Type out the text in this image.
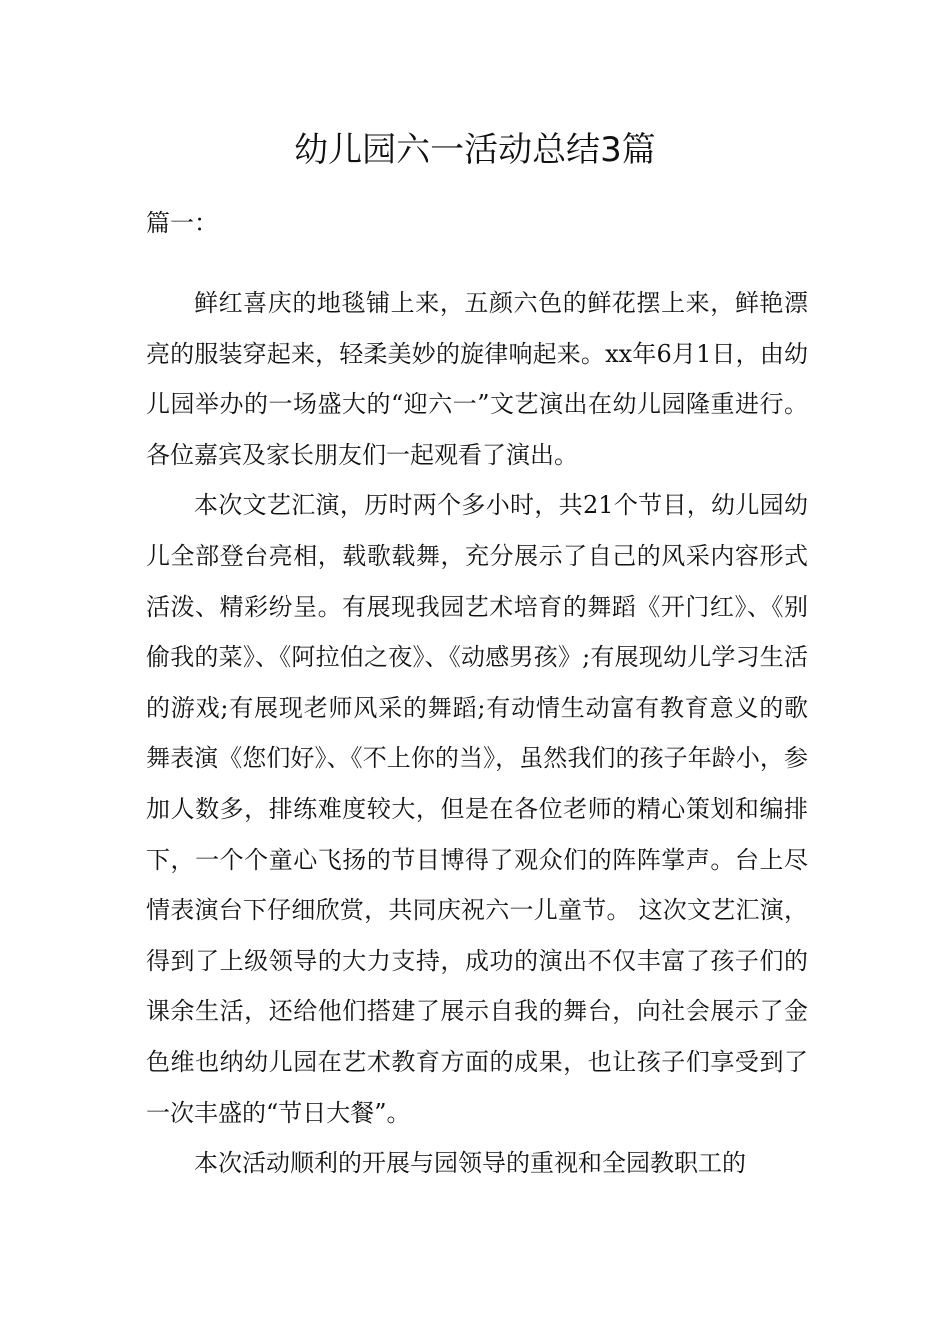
幼儿园六一活动总结3篇
篇一：

鲜红喜庆的地毯铺上来，五颜六色的鲜花摆上来，鲜艳漂亮的服装穿起来，轻柔美妙的旋律响起来。xx年6月1日，由幼儿园举办的一场盛大的“迎六一”文艺演出在幼儿园隆重进行。各位嘉宾及家长朋友们一起观看了演出。

本次文艺汇演，历时两个多小时，共21个节目，幼儿园幼儿全部登台亮相，载歌载舞，充分展示了自己的风采内容形式活泼、精彩纷呈。有展现我园艺术培育的舞蹈《开门红》、《别偷我的菜》、《阿拉伯之夜》、《动感男孩》;有展现幼儿学习生活的游戏;有展现老师风采的舞蹈;有动情生动富有教育意义的歌舞表演《您们好》、《不上你的当》，虽然我们的孩子年龄小，参加人数多，排练难度较大，但是在各位老师的精心策划和编排下，一个个童心飞扬的节目博得了观众们的阵阵掌声。台上尽情表演台下仔细欣赏，共同庆祝六一儿童节。 这次文艺汇演，得到了上级领导的大力支持，成功的演出不仅丰富了孩子们的课余生活，还给他们搭建了展示自我的舞台，向社会展示了金色维也纳幼儿园在艺术教育方面的成果，也让孩子们享受到了一次丰盛的“节日大餐”。

本次活动顺利的开展与园领导的重视和全园教职工的
